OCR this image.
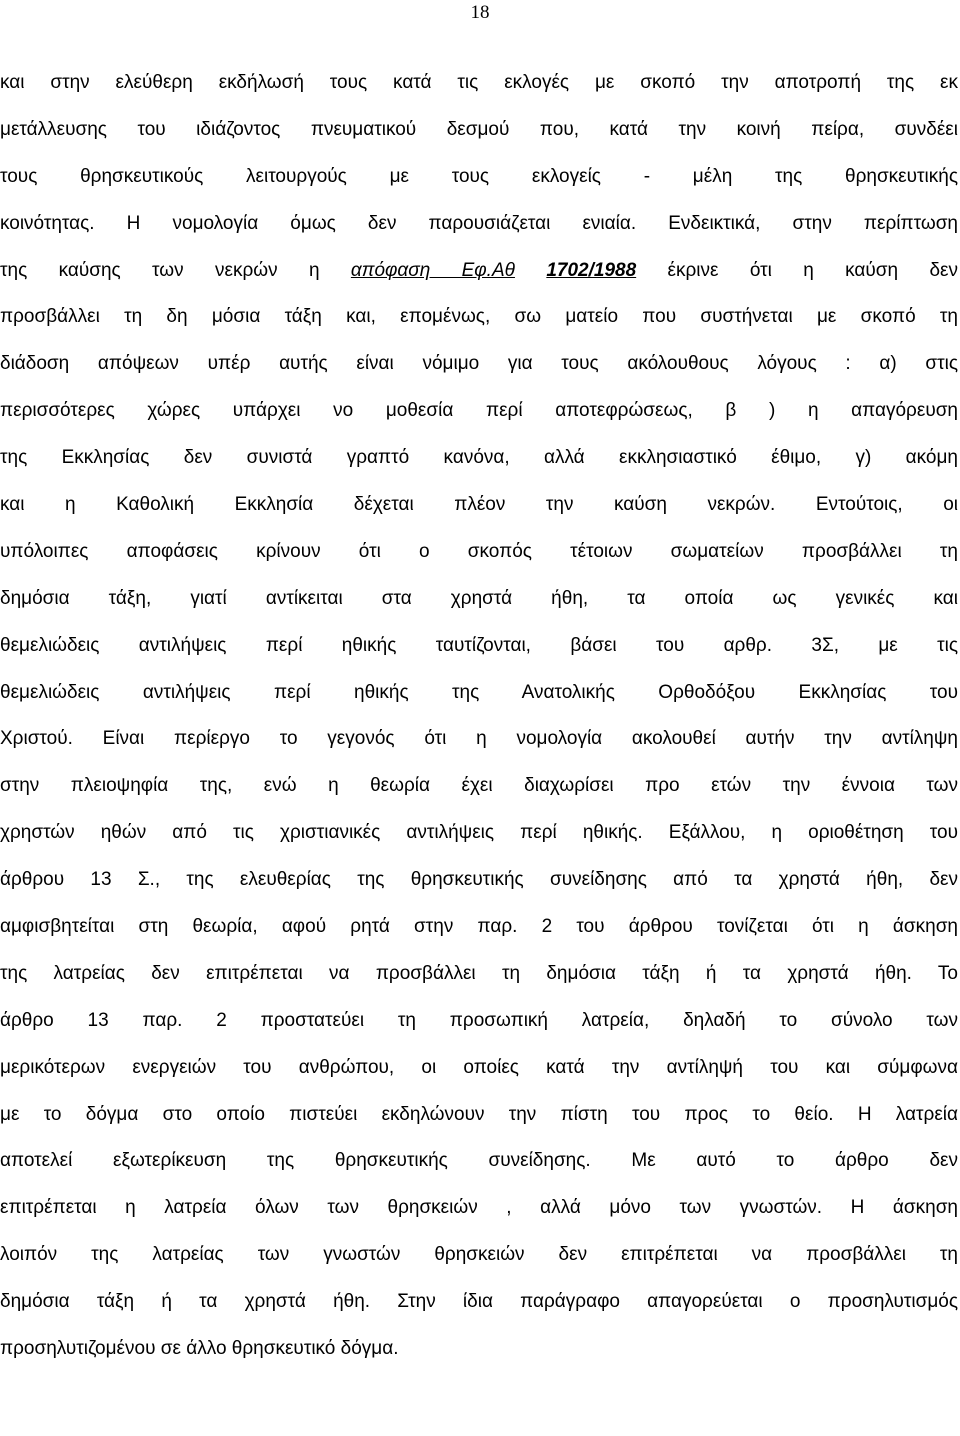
18
και στην ελεύθερη εκδήλωσή τους κατά τις εκλογές με σκοπό την αποτροπή της εκ
μετάλλευσης του ιδιάζοντος πνευματικού δεσμού που, κατά την κοινή πείρα, συνδέει
τους θρησκευτικούς λειτουργούς με τους εκλογείς - μέλη της θρησκευτικής
κοινότητας. Η νομολογία όμως δεν παρουσιάζεται ενιαία. Ενδεικτικά, στην περίπτωση
της καύσης των νεκρών η απόφαση Εφ.Αθ 1702/1988 έκρινε ότι η καύση δεν
προσβάλλει τη δη μόσια τάξη και, επομένως, σω ματείο που συστήνεται με σκοπό τη
διάδοση απόψεων υπέρ αυτής είναι νόμιμο για τους ακόλουθους λόγους : α) στις
περισσότερες χώρες υπάρχει νο μοθεσία περί αποτεφρώσεως, β ) η απαγόρευση
της Εκκλησίας δεν συνιστά γραπτό κανόνα, αλλά εκκλησιαστικό έθιμο, γ) ακόμη
και η Καθολική Εκκλησία δέχεται πλέον την καύση νεκρών. Εντούτοις, οι
υπόλοιπες αποφάσεις κρίνουν ότι ο σκοπός τέτοιων σωματείων προσβάλλει τη
δημόσια τάξη, γιατί αντίκειται στα χρηστά ήθη, τα οποία ως γενικές και
θεμελιώδεις αντιλήψεις περί ηθικής ταυτίζονται, βάσει του αρθρ. 3Σ, με τις
θεμελιώδεις αντιλήψεις περί ηθικής της Ανατολικής Ορθοδόξου Εκκλησίας του
Χριστού. Είναι περίεργο το γεγονός ότι η νομολογία ακολουθεί αυτήν την αντίληψη
στην πλειοψηφία της, ενώ η θεωρία έχει διαχωρίσει προ ετών την έννοια των
χρηστών ηθών από τις χριστιανικές αντιλήψεις περί ηθικής. Εξάλλου, η οριοθέτηση του
άρθρου 13 Σ., της ελευθερίας της θρησκευτικής συνείδησης από τα χρηστά ήθη, δεν
αμφισβητείται στη θεωρία, αφού ρητά στην παρ. 2 του άρθρου τονίζεται ότι η άσκηση
της λατρείας δεν επιτρέπεται να προσβάλλει τη δημόσια τάξη ή τα χρηστά ήθη. Το
άρθρο 13 παρ. 2 προστατεύει τη προσωπική λατρεία, δηλαδή το σύνολο των
μερικότερων ενεργειών του ανθρώπου, οι οποίες κατά την αντίληψή του και σύμφωνα
με το δόγμα στο οποίο πιστεύει εκδηλώνουν την πίστη του προς το θείο. Η λατρεία
αποτελεί εξωτερίκευση της θρησκευτικής συνείδησης. Με αυτό το άρθρο δεν
επιτρέπεται η λατρεία όλων των θρησκειών , αλλά μόνο των γνωστών. Η άσκηση
λοιπόν της λατρείας των γνωστών θρησκειών δεν επιτρέπεται να προσβάλλει τη
δημόσια τάξη ή τα χρηστά ήθη. Στην ίδια παράγραφο απαγορεύεται ο προσηλυτισμός
προσηλυτιζομένου σε άλλο θρησκευτικό δόγμα.
